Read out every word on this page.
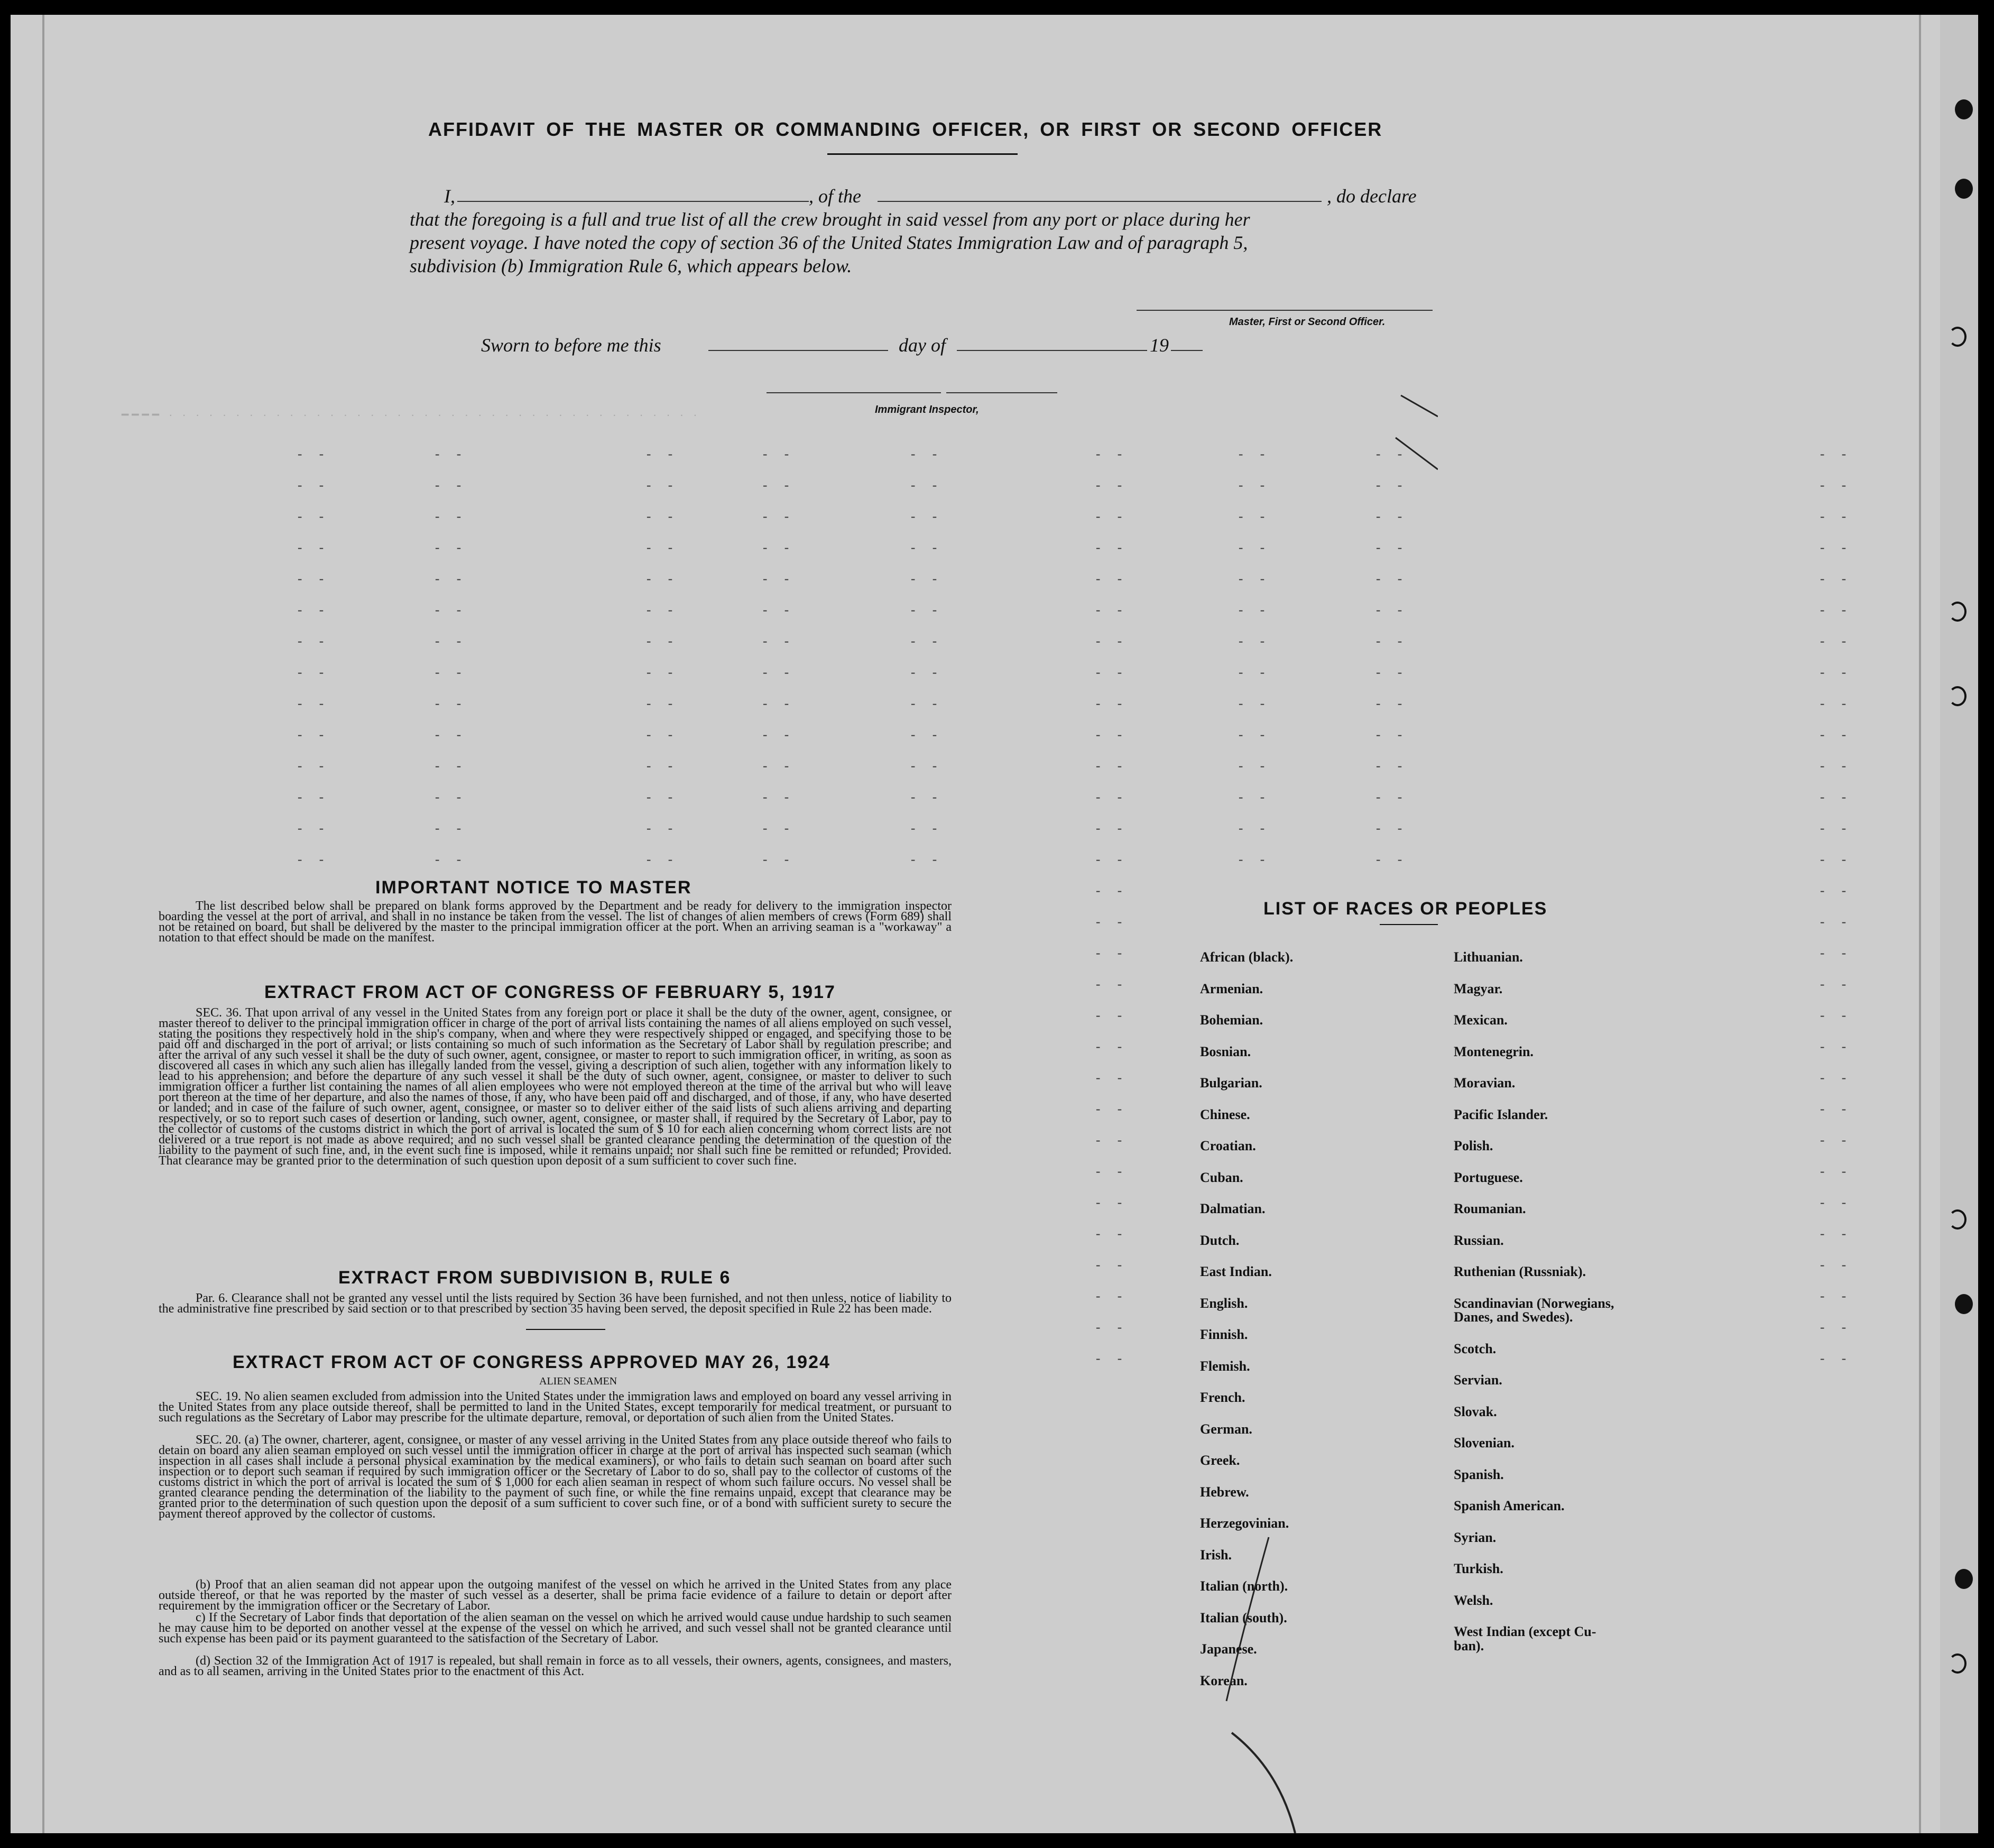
AFFIDAVIT OF THE MASTER OR COMMANDING OFFICER, OR FIRST OR SECOND OFFICER
I,	, of the	, do declare
that the foregoing is a full and true list of all the crew brought in said vessel from any port or place during her
present voyage. I have noted the copy of section 36 of the United States Immigration Law and of paragraph 5,
subdivision (b) Immigration Rule 6, which appears below.
Master, First or Second Officer.
Sworn to before me this	day of	19
Immigrant Inspector,
━━━━ · · · · · · · · · · · · · · · · · · · · · · · · · · · · · · · · · · · · · · · ·
- -	- -	- -	- -	- -	- -	- -	- -	- -
- -	- -	- -	- -	- -	- -	- -	- -	- -
- -	- -	- -	- -	- -	- -	- -	- -	- -
- -	- -	- -	- -	- -	- -	- -	- -	- -
- -	- -	- -	- -	- -	- -	- -	- -	- -
- -	- -	- -	- -	- -	- -	- -	- -	- -
- -	- -	- -	- -	- -	- -	- -	- -	- -
- -	- -	- -	- -	- -	- -	- -	- -	- -
- -	- -	- -	- -	- -	- -	- -	- -	- -
- -	- -	- -	- -	- -	- -	- -	- -	- -
- -	- -	- -	- -	- -	- -	- -	- -	- -
- -	- -	- -	- -	- -	- -	- -	- -	- -
- -	- -	- -	- -	- -	- -	- -	- -	- -
- -	- -	- -	- -	- -	- -	- -	- -	- -
- -	- -
- -	- -
- -	- -
- -	- -
- -	- -
- -	- -
- -	- -
- -	- -
- -	- -
- -	- -
- -	- -
- -	- -
- -	- -
- -	- -
- -	- -
- -	- -
IMPORTANT NOTICE TO MASTER
The list described below shall be prepared on blank forms approved by the Department and be ready for delivery to the immigration inspector boarding the vessel at the port of arrival, and shall in no instance be taken from the vessel. The list of changes of alien members of crews (Form 689) shall not be retained on board, but shall be delivered by the master to the principal immigration officer at the port. When an arriving seaman is a "workaway" a notation to that effect should be made on the manifest.
EXTRACT FROM ACT OF CONGRESS OF FEBRUARY 5, 1917
SEC. 36. That upon arrival of any vessel in the United States from any foreign port or place it shall be the duty of the owner, agent, consignee, or master thereof to deliver to the principal immigration officer in charge of the port of arrival lists containing the names of all aliens employed on such vessel, stating the positions they respectively hold in the ship's company, when and where they were respectively shipped or engaged, and specifying those to be paid off and discharged in the port of arrival; or lists containing so much of such information as the Secretary of Labor shall by regulation prescribe; and after the arrival of any such vessel it shall be the duty of such owner, agent, consignee, or master to report to such immigration officer, in writing, as soon as discovered all cases in which any such alien has illegally landed from the vessel, giving a description of such alien, together with any information likely to lead to his apprehension; and before the departure of any such vessel it shall be the duty of such owner, agent, consignee, or master to deliver to such immigration officer a further list containing the names of all alien employees who were not employed thereon at the time of the arrival but who will leave port thereon at the time of her departure, and also the names of those, if any, who have been paid off and discharged, and of those, if any, who have deserted or landed; and in case of the failure of such owner, agent, consignee, or master so to deliver either of the said lists of such aliens arriving and departing respectively, or so to report such cases of desertion or landing, such owner, agent, consignee, or master shall, if required by the Secretary of Labor, pay to the collector of customs of the customs district in which the port of arrival is located the sum of $ 10 for each alien concerning whom correct lists are not delivered or a true report is not made as above required; and no such vessel shall be granted clearance pending the determination of the question of the liability to the payment of such fine, and, in the event such fine is imposed, while it remains unpaid; nor shall such fine be remitted or refunded; Provided. That clearance may be granted prior to the determination of such question upon deposit of a sum sufficient to cover such fine.
EXTRACT FROM SUBDIVISION B, RULE 6
Par. 6. Clearance shall not be granted any vessel until the lists required by Section 36 have been furnished, and not then unless, notice of liability to the administrative fine prescribed by said section or to that prescribed by section 35 having been served, the deposit specified in Rule 22 has been made.
EXTRACT FROM ACT OF CONGRESS APPROVED MAY 26, 1924
ALIEN SEAMEN
SEC. 19. No alien seamen excluded from admission into the United States under the immigration laws and employed on board any vessel arriving in the United States from any place outside thereof, shall be permitted to land in the United States, except temporarily for medical treatment, or pursuant to such regulations as the Secretary of Labor may prescribe for the ultimate departure, removal, or deportation of such alien from the United States.
SEC. 20. (a) The owner, charterer, agent, consignee, or master of any vessel arriving in the United States from any place outside thereof who fails to detain on board any alien seaman employed on such vessel until the immigration officer in charge at the port of arrival has inspected such seaman (which inspection in all cases shall include a personal physical examination by the medical examiners), or who fails to detain such seaman on board after such inspection or to deport such seaman if required by such immigration officer or the Secretary of Labor to do so, shall pay to the collector of customs of the customs district in which the port of arrival is located the sum of $ 1,000 for each alien seaman in respect of whom such failure occurs. No vessel shall be granted clearance pending the determination of the liability to the payment of such fine, or while the fine remains unpaid, except that clearance may be granted prior to the determination of such question upon the deposit of a sum sufficient to cover such fine, or of a bond with sufficient surety to secure the payment thereof approved by the collector of customs.
(b) Proof that an alien seaman did not appear upon the outgoing manifest of the vessel on which he arrived in the United States from any place outside thereof, or that he was reported by the master of such vessel as a deserter, shall be prima facie evidence of a failure to detain or deport after requirement by the immigration officer or the Secretary of Labor.
c) If the Secretary of Labor finds that deportation of the alien seaman on the vessel on which he arrived would cause undue hardship to such seamen he may cause him to be deported on another vessel at the expense of the vessel on which he arrived, and such vessel shall not be granted clearance until such expense has been paid or its payment guaranteed to the satisfaction of the Secretary of Labor.
(d) Section 32 of the Immigration Act of 1917 is repealed, but shall remain in force as to all vessels, their owners, agents, consignees, and masters, and as to all seamen, arriving in the United States prior to the enactment of this Act.
LIST OF RACES OR PEOPLES
African (black).
Armenian.
Bohemian.
Bosnian.
Bulgarian.
Chinese.
Croatian.
Cuban.
Dalmatian.
Dutch.
East Indian.
English.
Finnish.
Flemish.
French.
German.
Greek.
Hebrew.
Herzegovinian.
Irish.
Italian (north).
Italian (south).
Japanese.
Korean.
Lithuanian.
Magyar.
Mexican.
Montenegrin.
Moravian.
Pacific Islander.
Polish.
Portuguese.
Roumanian.
Russian.
Ruthenian (Russniak).
Scandinavian (Norwegians,
Danes, and Swedes).
Scotch.
Servian.
Slovak.
Slovenian.
Spanish.
Spanish American.
Syrian.
Turkish.
Welsh.
West Indian (except Cu-
ban).
